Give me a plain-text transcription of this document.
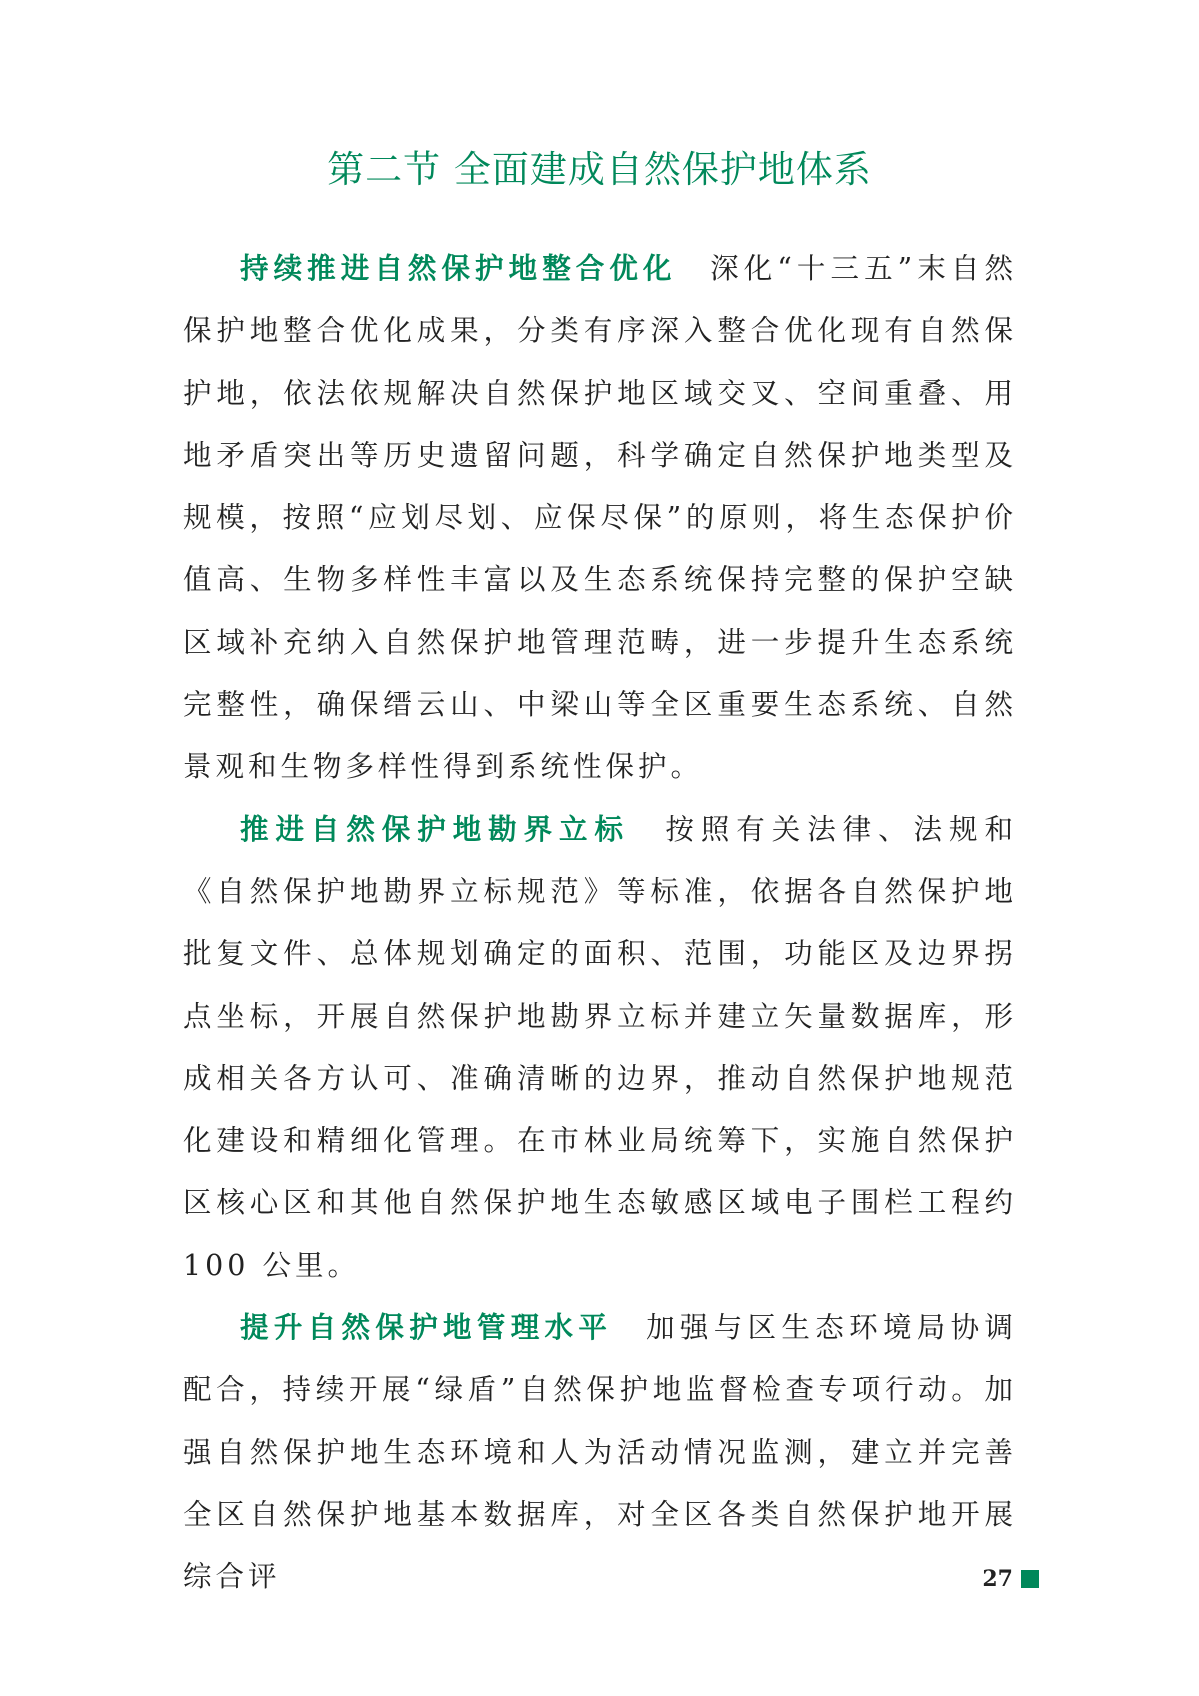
第二节 全面建成自然保护地体系

持续推进自然保护地整合优化　 深化“十三五”末自然保护地整合优化成果，分类有序深入整合优化现有自然保护地，依法依规解决自然保护地区域交叉、空间重叠、用地矛盾突出等历史遗留问题，科学确定自然保护地类型及规模，按照“应划尽划、应保尽保”的原则，将生态保护价值高、生物多样性丰富以及生态系统保持完整的保护空缺区域补充纳入自然保护地管理范畴，进一步提升生态系统完整性，确保缙云山、中梁山等全区重要生态系统、自然景观和生物多样性得到系统性保护。

推进自然保护地勘界立标　 按照有关法律、法规和《自然保护地勘界立标规范》等标准，依据各自然保护地批复文件、总体规划确定的面积、范围，功能区及边界拐点坐标，开展自然保护地勘界立标并建立矢量数据库，形成相关各方认可、准确清晰的边界，推动自然保护地规范化建设和精细化管理。在市林业局统筹下，实施自然保护区核心区和其他自然保护地生态敏感区域电子围栏工程约 100 公里。

提升自然保护地管理水平　 加强与区生态环境局协调配合，持续开展“绿盾”自然保护地监督检查专项行动。加强自然保护地生态环境和人为活动情况监测，建立并完善全区自然保护地基本数据库，对全区各类自然保护地开展综合评	27
